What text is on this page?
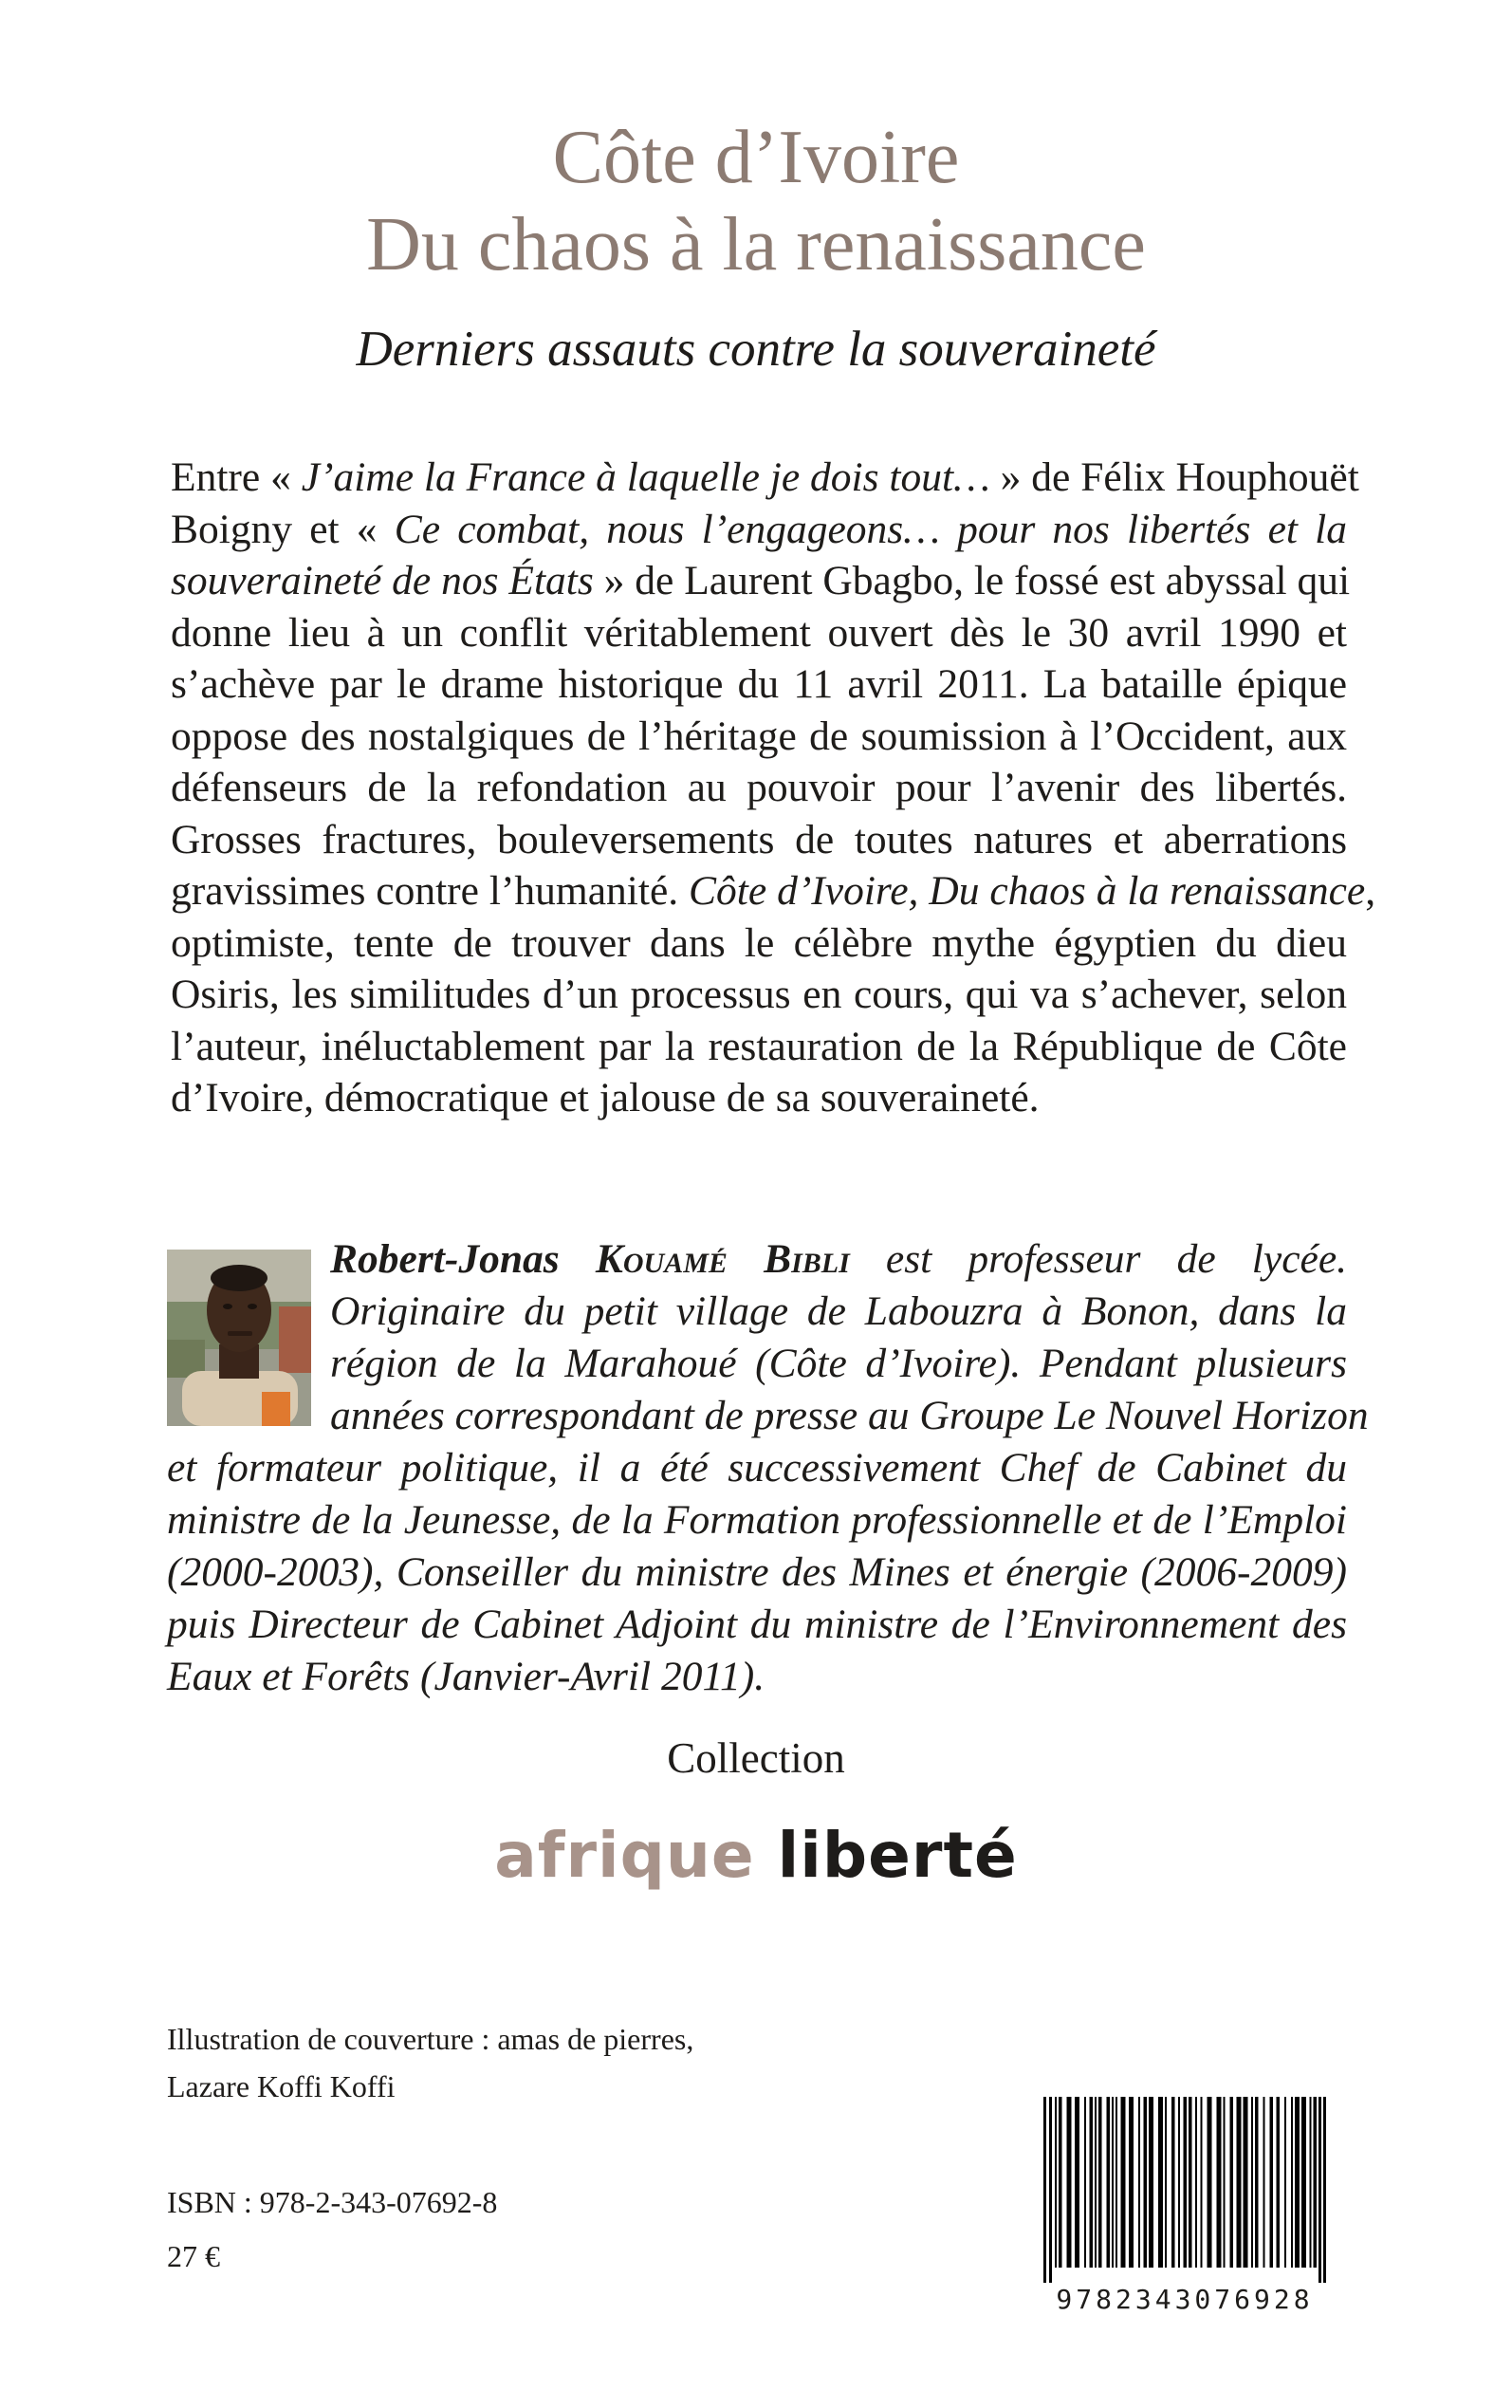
Côte d’Ivoire
Du chaos à la renaissance
Derniers assauts contre la souveraineté
Entre « J’aime la France à laquelle je dois tout… » de Félix Houphouët
Boigny et « Ce combat, nous l’engageons… pour nos libertés et la
souveraineté de nos États » de Laurent Gbagbo, le fossé est abyssal qui
donne lieu à un conflit véritablement ouvert dès le 30 avril 1990 et
s’achève par le drame historique du 11 avril 2011. La bataille épique
oppose des nostalgiques de l’héritage de soumission à l’Occident, aux
défenseurs de la refondation au pouvoir pour l’avenir des libertés.
Grosses fractures, bouleversements de toutes natures et aberrations
gravissimes contre l’humanité. Côte d’Ivoire, Du chaos à la renaissance,
optimiste, tente de trouver dans le célèbre mythe égyptien du dieu
Osiris, les similitudes d’un processus en cours, qui va s’achever, selon
l’auteur, inéluctablement par la restauration de la République de Côte
d’Ivoire, démocratique et jalouse de sa souveraineté.
Robert-Jonas Kouamé Bibli est professeur de lycée.
Originaire du petit village de Labouzra à Bonon, dans la
région de la Marahoué (Côte d’Ivoire). Pendant plusieurs
années correspondant de presse au Groupe Le Nouvel Horizon
et formateur politique, il a été successivement Chef de Cabinet du
ministre de la Jeunesse, de la Formation professionnelle et de l’Emploi
(2000-2003), Conseiller du ministre des Mines et énergie (2006-2009)
puis Directeur de Cabinet Adjoint du ministre de l’Environnement des
Eaux et Forêts (Janvier-Avril 2011).
Collection
afrique liberté
Illustration de couverture : amas de pierres,
Lazare Koffi Koffi
ISBN : 978-2-343-07692-8
27 €
9782343076928
